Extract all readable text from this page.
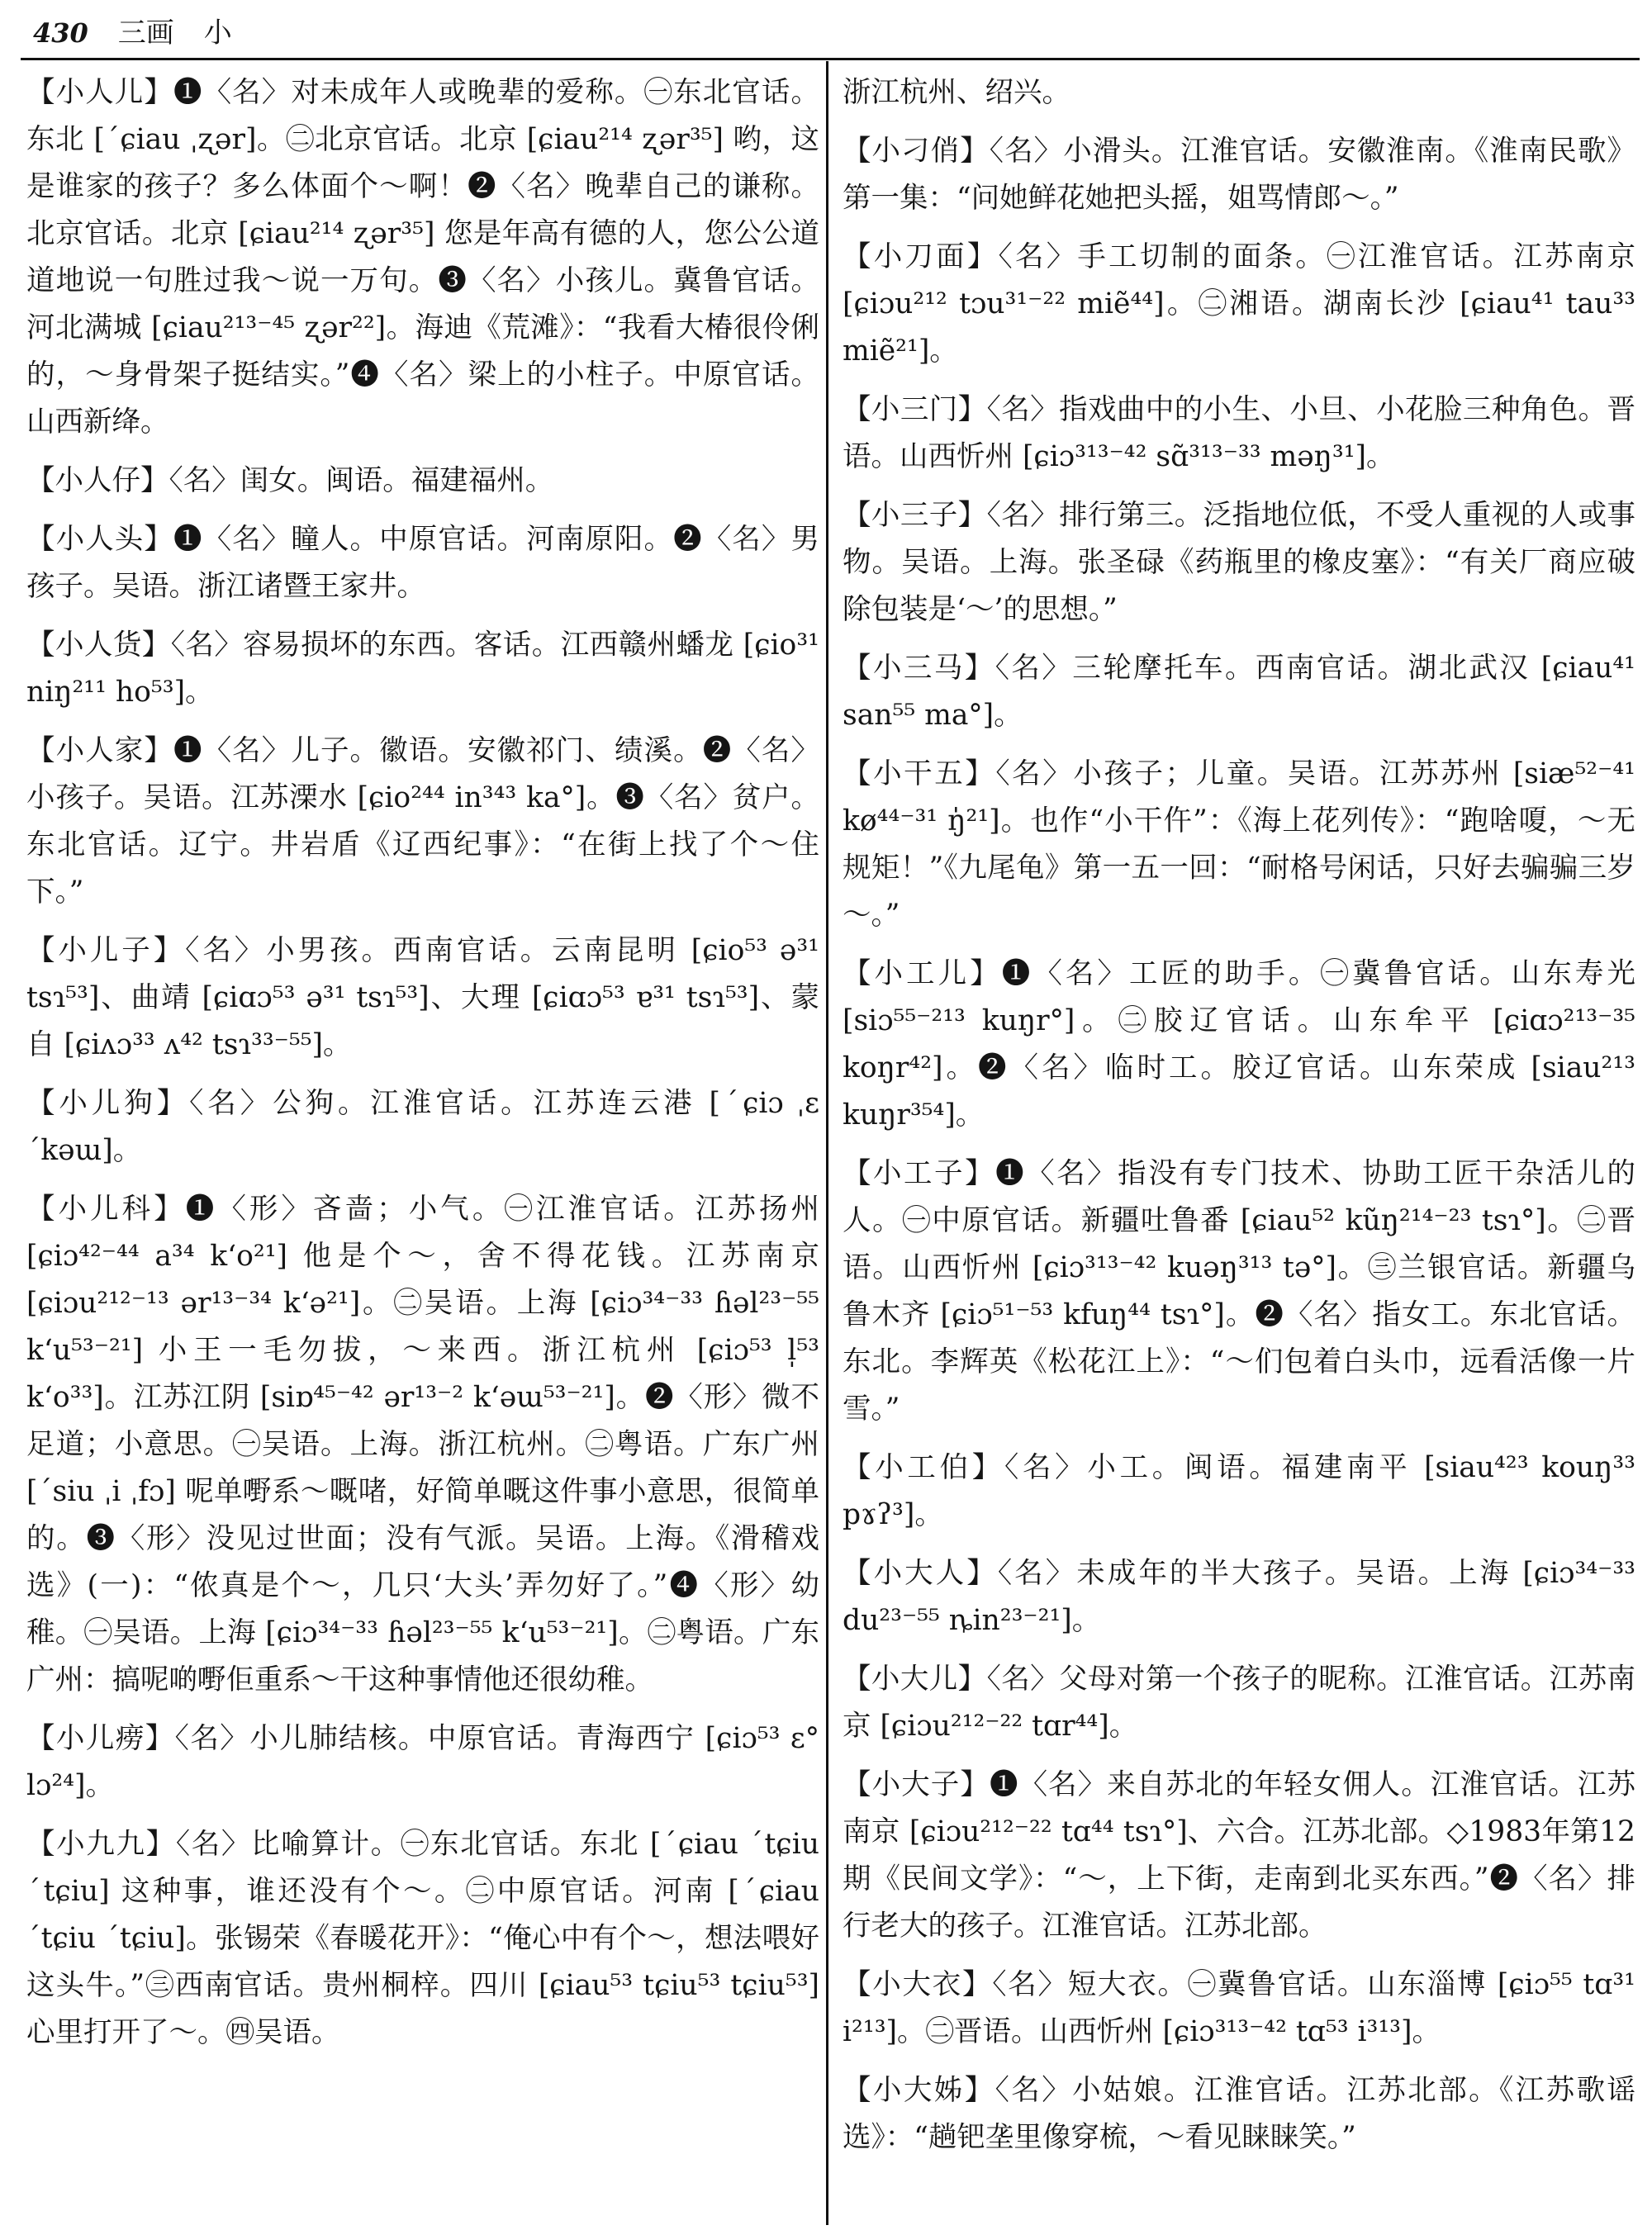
430 三画 小
【小人儿】❶〈名〉对未成年人或晚辈的爱称。㊀东北官话。东北 [ˊɕiau ˌʐər]。㊁北京官话。北京 [ɕiau²¹⁴ ʐər³⁵] 哟，这是谁家的孩子？多么体面个～啊！❷〈名〉晚辈自己的谦称。北京官话。北京 [ɕiau²¹⁴ ʐər³⁵] 您是年高有德的人，您公公道道地说一句胜过我～说一万句。❸〈名〉小孩儿。冀鲁官话。河北满城 [ɕiau²¹³⁻⁴⁵ ʐər²²]。海迪《荒滩》：“我看大椿很伶俐的，～身骨架子挺结实。”❹〈名〉梁上的小柱子。中原官话。山西新绛。
【小人仔】〈名〉闺女。闽语。福建福州。
【小人头】❶〈名〉瞳人。中原官话。河南原阳。❷〈名〉男孩子。吴语。浙江诸暨王家井。
【小人货】〈名〉容易损坏的东西。客话。江西赣州蟠龙 [ɕio³¹ niŋ²¹¹ ho⁵³]。
【小人家】❶〈名〉儿子。徽语。安徽祁门、绩溪。❷〈名〉小孩子。吴语。江苏溧水 [ɕio²⁴⁴ in³⁴³ ka°]。❸〈名〉贫户。东北官话。辽宁。井岩盾《辽西纪事》：“在街上找了个～住下。”
【小儿子】〈名〉小男孩。西南官话。云南昆明 [ɕio⁵³ ə³¹ tsɿ⁵³]、曲靖 [ɕiɑɔ⁵³ ə³¹ tsɿ⁵³]、大理 [ɕiɑɔ⁵³ ɐ³¹ tsɿ⁵³]、蒙自 [ɕiʌɔ³³ ʌ⁴² tsɿ³³⁻⁵⁵]。
【小儿狗】〈名〉公狗。江淮官话。江苏连云港 [ˊɕiɔ ˌɛ ˊkəɯ]。
【小儿科】❶〈形〉吝啬；小气。㊀江淮官话。江苏扬州 [ɕiɔ⁴²⁻⁴⁴ a³⁴ kʻo²¹] 他是个～，舍不得花钱。江苏南京 [ɕiɔu²¹²⁻¹³ ər¹³⁻³⁴ kʻə²¹]。㊁吴语。上海 [ɕiɔ³⁴⁻³³ ɦəl²³⁻⁵⁵ kʻu⁵³⁻²¹] 小王一毛勿拔，～来西。浙江杭州 [ɕiɔ⁵³ l̩⁵³ kʻo³³]。江苏江阴 [siɒ⁴⁵⁻⁴² ər¹³⁻² kʻəɯ⁵³⁻²¹]。❷〈形〉微不足道；小意思。㊀吴语。上海。浙江杭州。㊁粤语。广东广州 [ˊsiu ˌi ˌfɔ] 呢单嘢系～嘅啫，好简单嘅这件事小意思，很简单的。❸〈形〉没见过世面；没有气派。吴语。上海。《滑稽戏选》(一)：“侬真是个～，几只‘大头’弄勿好了。”❹〈形〉幼稚。㊀吴语。上海 [ɕiɔ³⁴⁻³³ ɦəl²³⁻⁵⁵ kʻu⁵³⁻²¹]。㊁粤语。广东广州：搞呢啲嘢佢重系～干这种事情他还很幼稚。
【小儿痨】〈名〉小儿肺结核。中原官话。青海西宁 [ɕiɔ⁵³ ɛ° lɔ²⁴]。
【小九九】〈名〉比喻算计。㊀东北官话。东北 [ˊɕiau ˊtɕiu ˊtɕiu] 这种事，谁还没有个～。㊁中原官话。河南 [ˊɕiau ˊtɕiu ˊtɕiu]。张锡荣《春暖花开》：“俺心中有个～，想法喂好这头牛。”㊂西南官话。贵州桐梓。四川 [ɕiau⁵³ tɕiu⁵³ tɕiu⁵³] 心里打开了～。㊃吴语。
浙江杭州、绍兴。
【小刁俏】〈名〉小滑头。江淮官话。安徽淮南。《淮南民歌》第一集：“问她鲜花她把头摇，姐骂情郎～。”
【小刀面】〈名〉手工切制的面条。㊀江淮官话。江苏南京 [ɕiɔu²¹² tɔu³¹⁻²² miẽ⁴⁴]。㊁湘语。湖南长沙 [ɕiau⁴¹ tau³³ miẽ²¹]。
【小三门】〈名〉指戏曲中的小生、小旦、小花脸三种角色。晋语。山西忻州 [ɕiɔ³¹³⁻⁴² sɑ̃³¹³⁻³³ məŋ³¹]。
【小三子】〈名〉排行第三。泛指地位低，不受人重视的人或事物。吴语。上海。张圣碌《药瓶里的橡皮塞》：“有关厂商应破除包装是‘～’的思想。”
【小三马】〈名〉三轮摩托车。西南官话。湖北武汉 [ɕiau⁴¹ san⁵⁵ ma°]。
【小干五】〈名〉小孩子；儿童。吴语。江苏苏州 [siæ⁵²⁻⁴¹ kø⁴⁴⁻³¹ ŋ̍²¹]。也作“小干仵”：《海上花列传》：“跑啥嗄，～无规矩！”《九尾龟》第一五一回：“耐格号闲话，只好去骗骗三岁～。”
【小工儿】❶〈名〉工匠的助手。㊀冀鲁官话。山东寿光 [siɔ⁵⁵⁻²¹³ kuŋr°]。㊁胶辽官话。山东牟平 [ɕiɑɔ²¹³⁻³⁵ koŋr⁴²]。❷〈名〉临时工。胶辽官话。山东荣成 [siau²¹³ kuŋr³⁵⁴]。
【小工子】❶〈名〉指没有专门技术、协助工匠干杂活儿的人。㊀中原官话。新疆吐鲁番 [ɕiau⁵² kũŋ²¹⁴⁻²³ tsɿ°]。㊁晋语。山西忻州 [ɕiɔ³¹³⁻⁴² kuəŋ³¹³ tə°]。㊂兰银官话。新疆乌鲁木齐 [ɕiɔ⁵¹⁻⁵³ kfuŋ⁴⁴ tsɿ°]。❷〈名〉指女工。东北官话。东北。李辉英《松花江上》：“～们包着白头巾，远看活像一片雪。”
【小工伯】〈名〉小工。闽语。福建南平 [siau⁴²³ kouŋ³³ pɤʔ³]。
【小大人】〈名〉未成年的半大孩子。吴语。上海 [ɕiɔ³⁴⁻³³ du²³⁻⁵⁵ ȵin²³⁻²¹]。
【小大儿】〈名〉父母对第一个孩子的昵称。江淮官话。江苏南京 [ɕiɔu²¹²⁻²² tɑr⁴⁴]。
【小大子】❶〈名〉来自苏北的年轻女佣人。江淮官话。江苏南京 [ɕiɔu²¹²⁻²² tɑ⁴⁴ tsɿ°]、六合。江苏北部。◇1983年第12期《民间文学》：“～，上下街，走南到北买东西。”❷〈名〉排行老大的孩子。江淮官话。江苏北部。
【小大衣】〈名〉短大衣。㊀冀鲁官话。山东淄博 [ɕiɔ⁵⁵ tɑ³¹ i²¹³]。㊁晋语。山西忻州 [ɕiɔ³¹³⁻⁴² tɑ⁵³ i³¹³]。
【小大姊】〈名〉小姑娘。江淮官话。江苏北部。《江苏歌谣选》：“趟钯垄里像穿梳，～看见睐睐笑。”
